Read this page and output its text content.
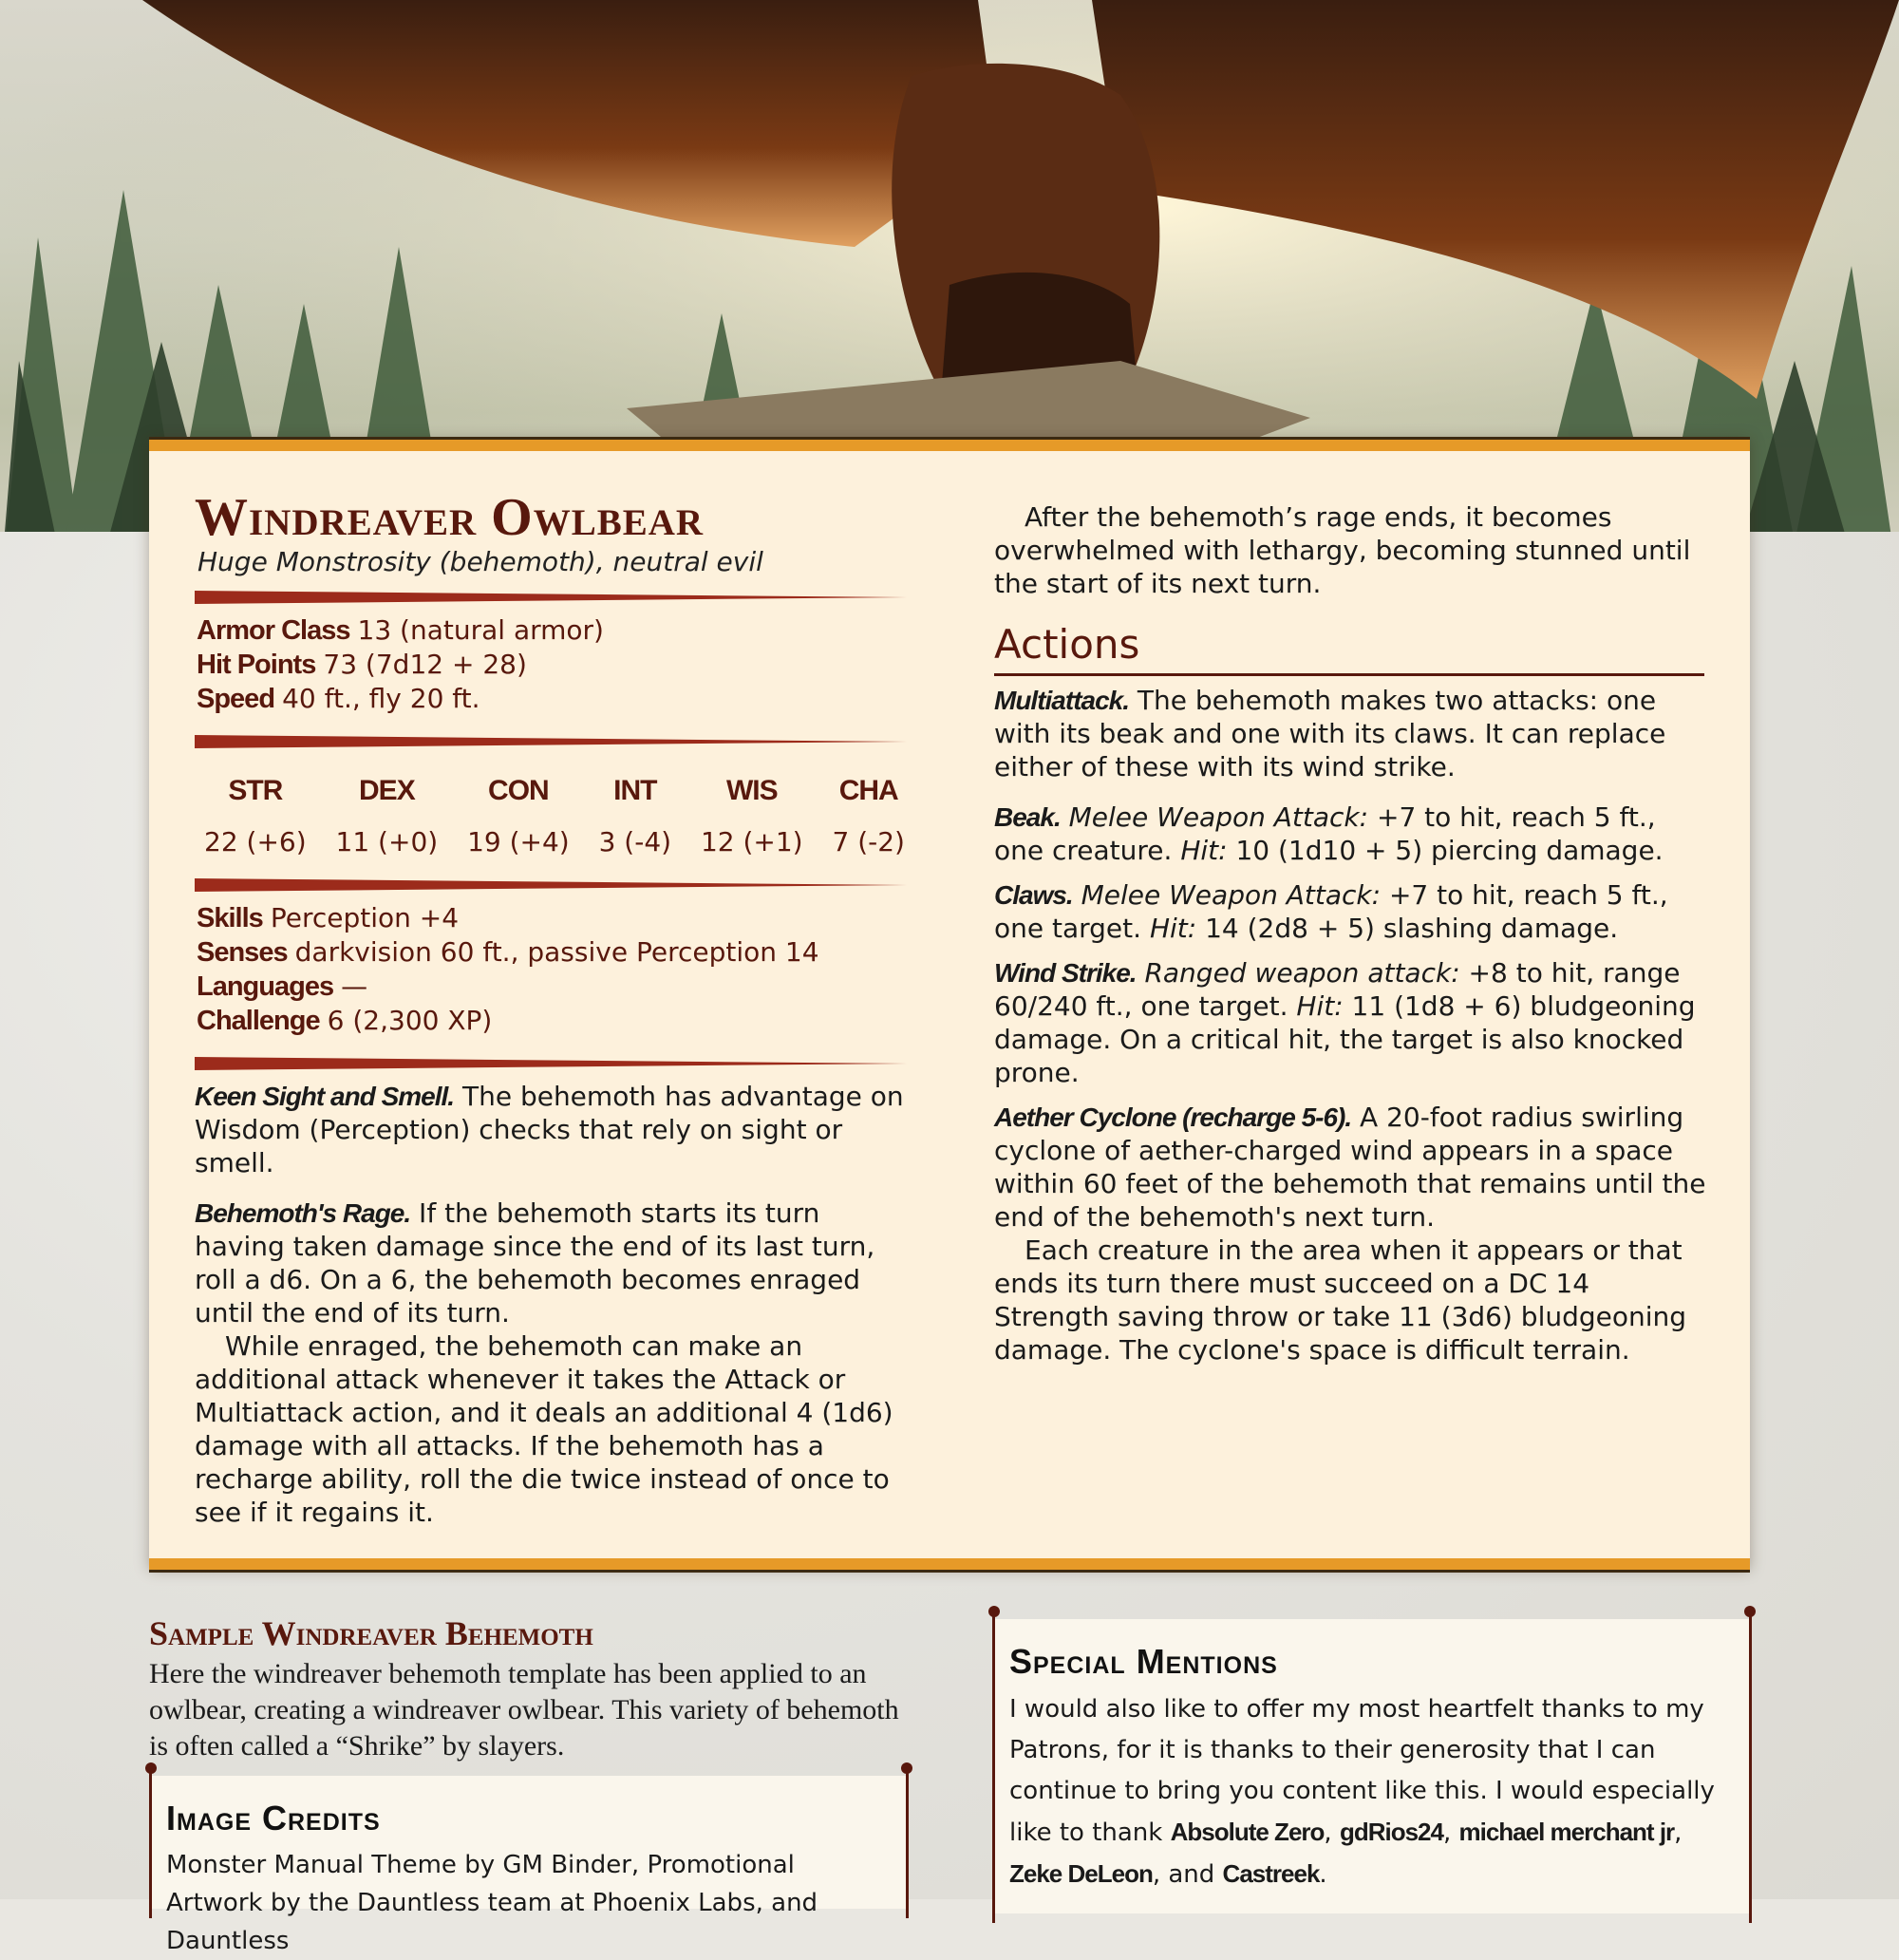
Windreaver Owlbear

Huge Monstrosity (behemoth), neutral evil

Armor Class 13 (natural armor)

Hit Points 73 (7d12 + 28)

Speed 40 ft., fly 20 ft.

STR
22 (+6)
DEX
11 (+0)
CON
19 (+4)
INT
3 (-4)
WIS
12 (+1)
CHA
7 (-2)

Skills Perception +4

Senses darkvision 60 ft., passive Perception 14

Languages —

Challenge 6 (2,300 XP)

Keen Sight and Smell. The behemoth has advantage on Wisdom (Perception) checks that rely on sight or smell.

Behemoth's Rage. If the behemoth starts its turn having taken damage since the end of its last turn, roll a d6. On a 6, the behemoth becomes enraged until the end of its turn.

While enraged, the behemoth can make an additional attack whenever it takes the Attack or Multiattack action, and it deals an additional 4 (1d6) damage with all attacks. If the behemoth has a recharge ability, roll the die twice instead of once to see if it regains it.

After the behemoth’s rage ends, it becomes overwhelmed with lethargy, becoming stunned until the start of its next turn.

Actions

Multiattack. The behemoth makes two attacks: one with its beak and one with its claws. It can replace either of these with its wind strike.

Beak. Melee Weapon Attack: +7 to hit, reach 5 ft., one creature. Hit: 10 (1d10 + 5) piercing damage.

Claws. Melee Weapon Attack: +7 to hit, reach 5 ft., one target. Hit: 14 (2d8 + 5) slashing damage.

Wind Strike. Ranged weapon attack: +8 to hit, range 60/240 ft., one target. Hit: 11 (1d8 + 6) bludgeoning damage. On a critical hit, the target is also knocked prone.

Aether Cyclone (recharge 5-6). A 20-foot radius swirling cyclone of aether-charged wind appears in a space within 60 feet of the behemoth that remains until the end of the behemoth's next turn.

Each creature in the area when it appears or that ends its turn there must succeed on a DC 14 Strength saving throw or take 11 (3d6) bludgeoning damage. The cyclone's space is difficult terrain.

Sample Windreaver Behemoth

Here the windreaver behemoth template has been applied to an owlbear, creating a windreaver owlbear. This variety of behemoth is often called a “Shrike” by slayers.

Image Credits

Monster Manual Theme by GM Binder, Promotional Artwork by the Dauntless team at Phoenix Labs, and Dauntless

Special Mentions

I would also like to offer my most heartfelt thanks to my Patrons, for it is thanks to their generosity that I can continue to bring you content like this. I would especially like to thank Absolute Zero, gdRios24, michael merchant jr, Zeke DeLeon, and Castreek.
